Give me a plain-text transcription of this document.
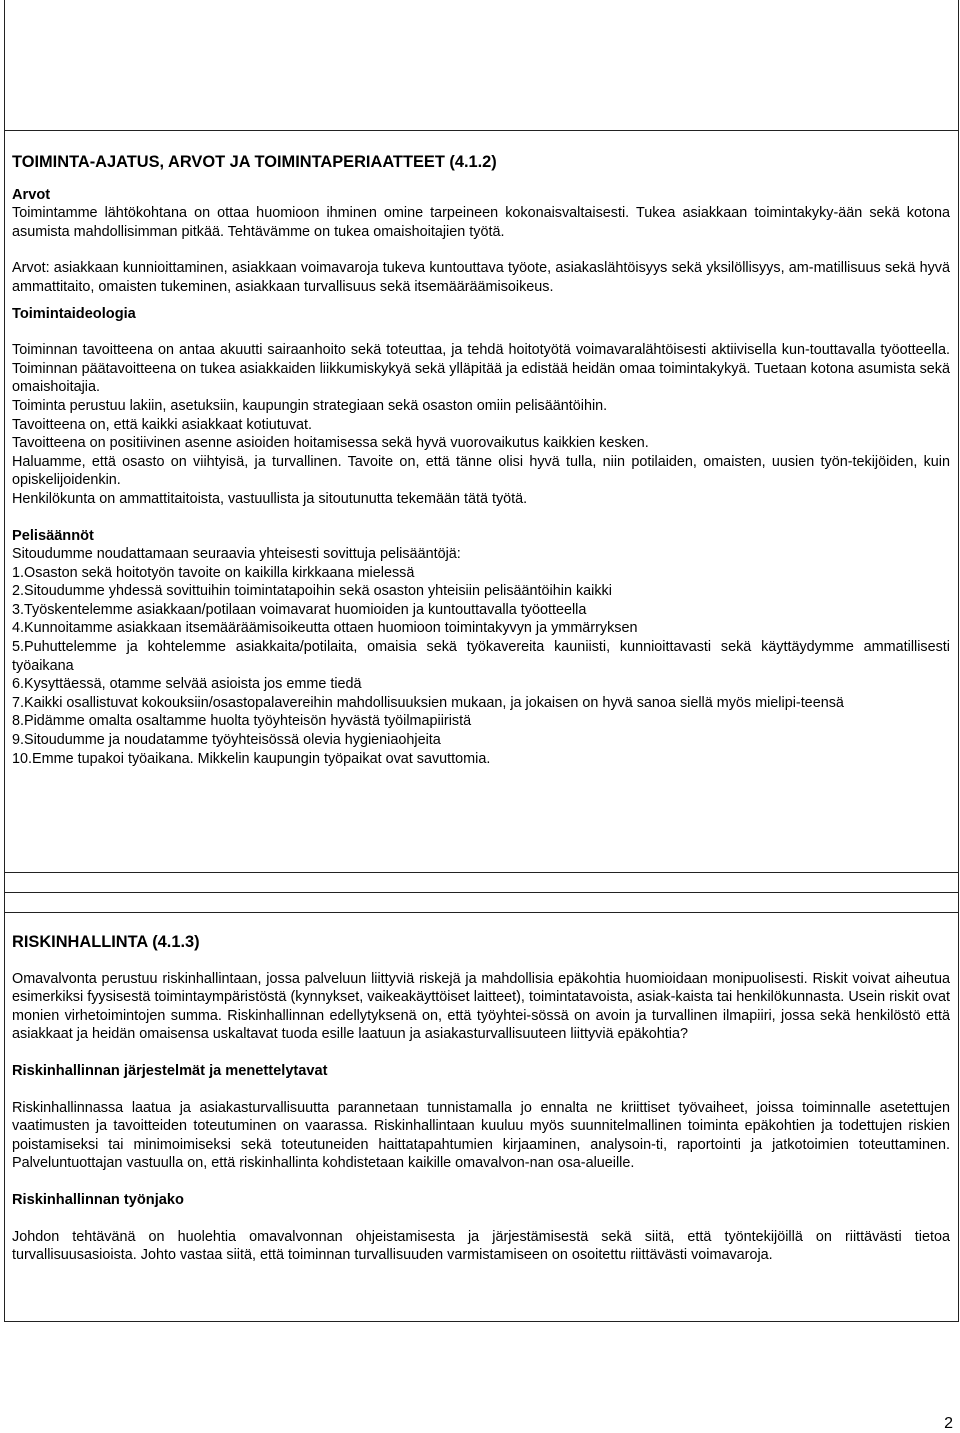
TOIMINTA-AJATUS, ARVOT JA TOIMINTAPERIAATTEET (4.1.2)
Arvot

Toimintamme lähtökohtana on ottaa huomioon ihminen omine tarpeineen kokonaisvaltaisesti. Tukea asiakkaan toimintakyky-ään sekä kotona asumista mahdollisimman pitkää. Tehtävämme on tukea omaishoitajien työtä.

Arvot: asiakkaan kunnioittaminen, asiakkaan voimavaroja tukeva kuntouttava työote, asiakaslähtöisyys sekä yksilöllisyys, am-matillisuus sekä hyvä ammattitaito, omaisten tukeminen, asiakkaan turvallisuus sekä itsemääräämisoikeus.

Toimintaideologia

Toiminnan tavoitteena on antaa akuutti sairaanhoito sekä toteuttaa, ja tehdä hoitotyötä voimavaralähtöisesti aktiivisella kun-touttavalla työotteella. Toiminnan päätavoitteena on tukea asiakkaiden liikkumiskykyä sekä ylläpitää ja edistää heidän omaa toimintakykyä. Tuetaan kotona asumista sekä omaishoitajia.

Toiminta perustuu lakiin, asetuksiin, kaupungin strategiaan sekä osaston omiin pelisääntöihin.

Tavoitteena on, että kaikki asiakkaat kotiutuvat.

Tavoitteena on positiivinen asenne asioiden hoitamisessa sekä hyvä vuorovaikutus kaikkien kesken.

Haluamme, että osasto on viihtyisä, ja turvallinen. Tavoite on, että tänne olisi hyvä tulla, niin potilaiden, omaisten, uusien työn-tekijöiden, kuin opiskelijoidenkin.

Henkilökunta on ammattitaitoista, vastuullista ja sitoutunutta tekemään tätä työtä.

Pelisäännöt

Sitoudumme noudattamaan seuraavia yhteisesti sovittuja pelisääntöjä:

1.Osaston sekä hoitotyön tavoite on kaikilla kirkkaana mielessä

2.Sitoudumme yhdessä sovittuihin toimintatapoihin sekä osaston yhteisiin pelisääntöihin kaikki

3.Työskentelemme asiakkaan/potilaan voimavarat huomioiden ja kuntouttavalla työotteella

4.Kunnoitamme asiakkaan itsemääräämisoikeutta ottaen huomioon toimintakyvyn ja ymmärryksen

5.Puhuttelemme ja kohtelemme asiakkaita/potilaita, omaisia sekä työkavereita kauniisti, kunnioittavasti sekä käyttäydymme ammatillisesti työaikana

6.Kysyttäessä, otamme selvää asioista jos emme tiedä

7.Kaikki osallistuvat kokouksiin/osastopalavereihin mahdollisuuksien mukaan, ja jokaisen on hyvä sanoa siellä myös mielipi-teensä

8.Pidämme omalta osaltamme huolta työyhteisön hyvästä työilmapiiristä

9.Sitoudumme ja noudatamme työyhteisössä olevia hygieniaohjeita

10.Emme tupakoi työaikana. Mikkelin kaupungin työpaikat ovat savuttomia.

RISKINHALLINTA (4.1.3)

Omavalvonta perustuu riskinhallintaan, jossa palveluun liittyviä riskejä ja mahdollisia epäkohtia huomioidaan monipuolisesti. Riskit voivat aiheutua esimerkiksi fyysisestä toimintaympäristöstä (kynnykset, vaikeakäyttöiset laitteet), toimintatavoista, asiak-kaista tai henkilökunnasta. Usein riskit ovat monien virhetoimintojen summa. Riskinhallinnan edellytyksenä on, että työyhtei-sössä on avoin ja turvallinen ilmapiiri, jossa sekä henkilöstö että asiakkaat ja heidän omaisensa uskaltavat tuoda esille laatuun ja asiakasturvallisuuteen liittyviä epäkohtia?

Riskinhallinnan järjestelmät ja menettelytavat

Riskinhallinnassa laatua ja asiakasturvallisuutta parannetaan tunnistamalla jo ennalta ne kriittiset työvaiheet, joissa toiminnalle asetettujen vaatimusten ja tavoitteiden toteutuminen on vaarassa. Riskinhallintaan kuuluu myös suunnitelmallinen toiminta epäkohtien ja todettujen riskien poistamiseksi tai minimoimiseksi sekä toteutuneiden haittatapahtumien kirjaaminen, analysoin-ti, raportointi ja jatkotoimien toteuttaminen. Palveluntuottajan vastuulla on, että riskinhallinta kohdistetaan kaikille omavalvon-nan osa-alueille.

Riskinhallinnan työnjako

Johdon tehtävänä on huolehtia omavalvonnan ohjeistamisesta ja järjestämisestä sekä siitä, että työntekijöillä on riittävästi tietoa turvallisuusasioista. Johto vastaa siitä, että toiminnan turvallisuuden varmistamiseen on osoitettu riittävästi voimavaroja.

2
